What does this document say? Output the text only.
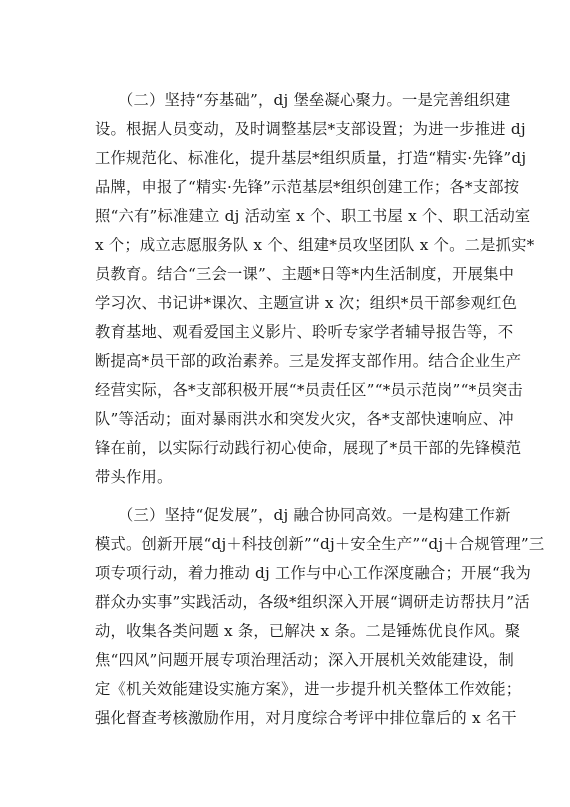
（二）坚持“夯基础”，dj 堡垒凝心聚力。一是完善组织建
设。根据人员变动，及时调整基层*支部设置；为进一步推进 dj
工作规范化、标准化，提升基层*组织质量，打造“精实·先锋”dj
品牌，申报了“精实·先锋”示范基层*组织创建工作；各*支部按
照“六有”标准建立 dj 活动室 x 个、职工书屋 x 个、职工活动室
x 个；成立志愿服务队 x 个、组建*员攻坚团队 x 个。二是抓实*
员教育。结合“三会一课”、主题*日等*内生活制度，开展集中
学习次、书记讲*课次、主题宣讲 x 次；组织*员干部参观红色
教育基地、观看爱国主义影片、聆听专家学者辅导报告等，不
断提高*员干部的政治素养。三是发挥支部作用。结合企业生产
经营实际，各*支部积极开展“*员责任区”“*员示范岗”“*员突击
队”等活动；面对暴雨洪水和突发火灾，各*支部快速响应、冲
锋在前，以实际行动践行初心使命，展现了*员干部的先锋模范
带头作用。
（三）坚持“促发展”，dj 融合协同高效。一是构建工作新
模式。创新开展“dj＋科技创新”“dj＋安全生产”“dj＋合规管理”三
项专项行动，着力推动 dj 工作与中心工作深度融合；开展“我为
群众办实事”实践活动，各级*组织深入开展“调研走访帮扶月”活
动，收集各类问题 x 条，已解决 x 条。二是锤炼优良作风。聚
焦“四风”问题开展专项治理活动；深入开展机关效能建设，制
定《机关效能建设实施方案》，进一步提升机关整体工作效能；
强化督查考核激励作用，对月度综合考评中排位靠后的 x 名干
